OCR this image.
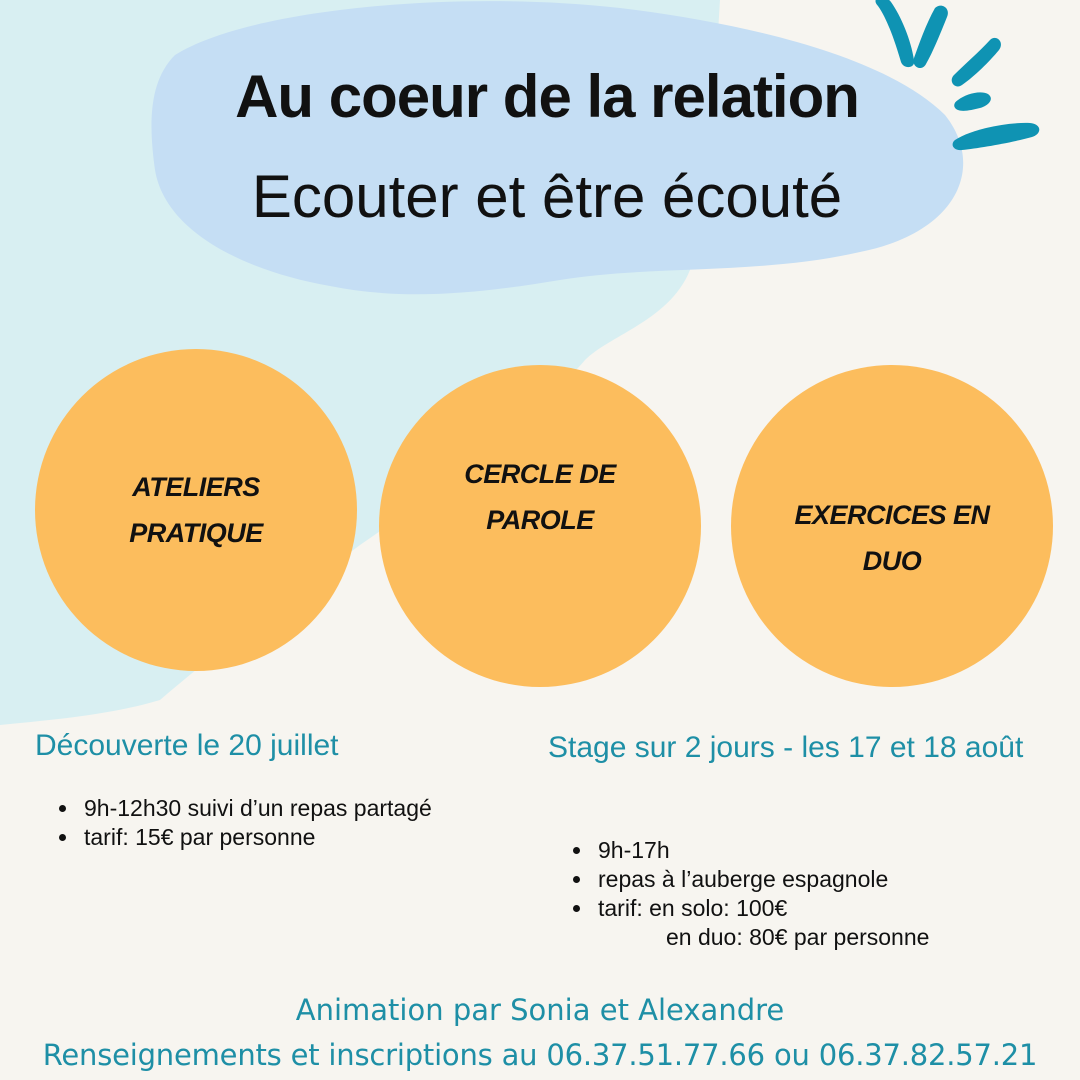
Au coeur de la relation
Ecouter et être écouté
ATELIERS
PRATIQUE
CERCLE DE
PAROLE	EXERCICES EN
DUO
Découverte le 20 juillet
• 9h-12h30 suivi d’un repas partagé
• tarif: 15€ par personne
Stage sur 2 jours - les 17 et 18 août
• 9h-17h
• repas à l’auberge espagnole
• tarif: en solo: 100€
en duo: 80€ par personne
Animation par Sonia et Alexandre
Renseignements et inscriptions au 06.37.51.77.66 ou 06.37.82.57.21
